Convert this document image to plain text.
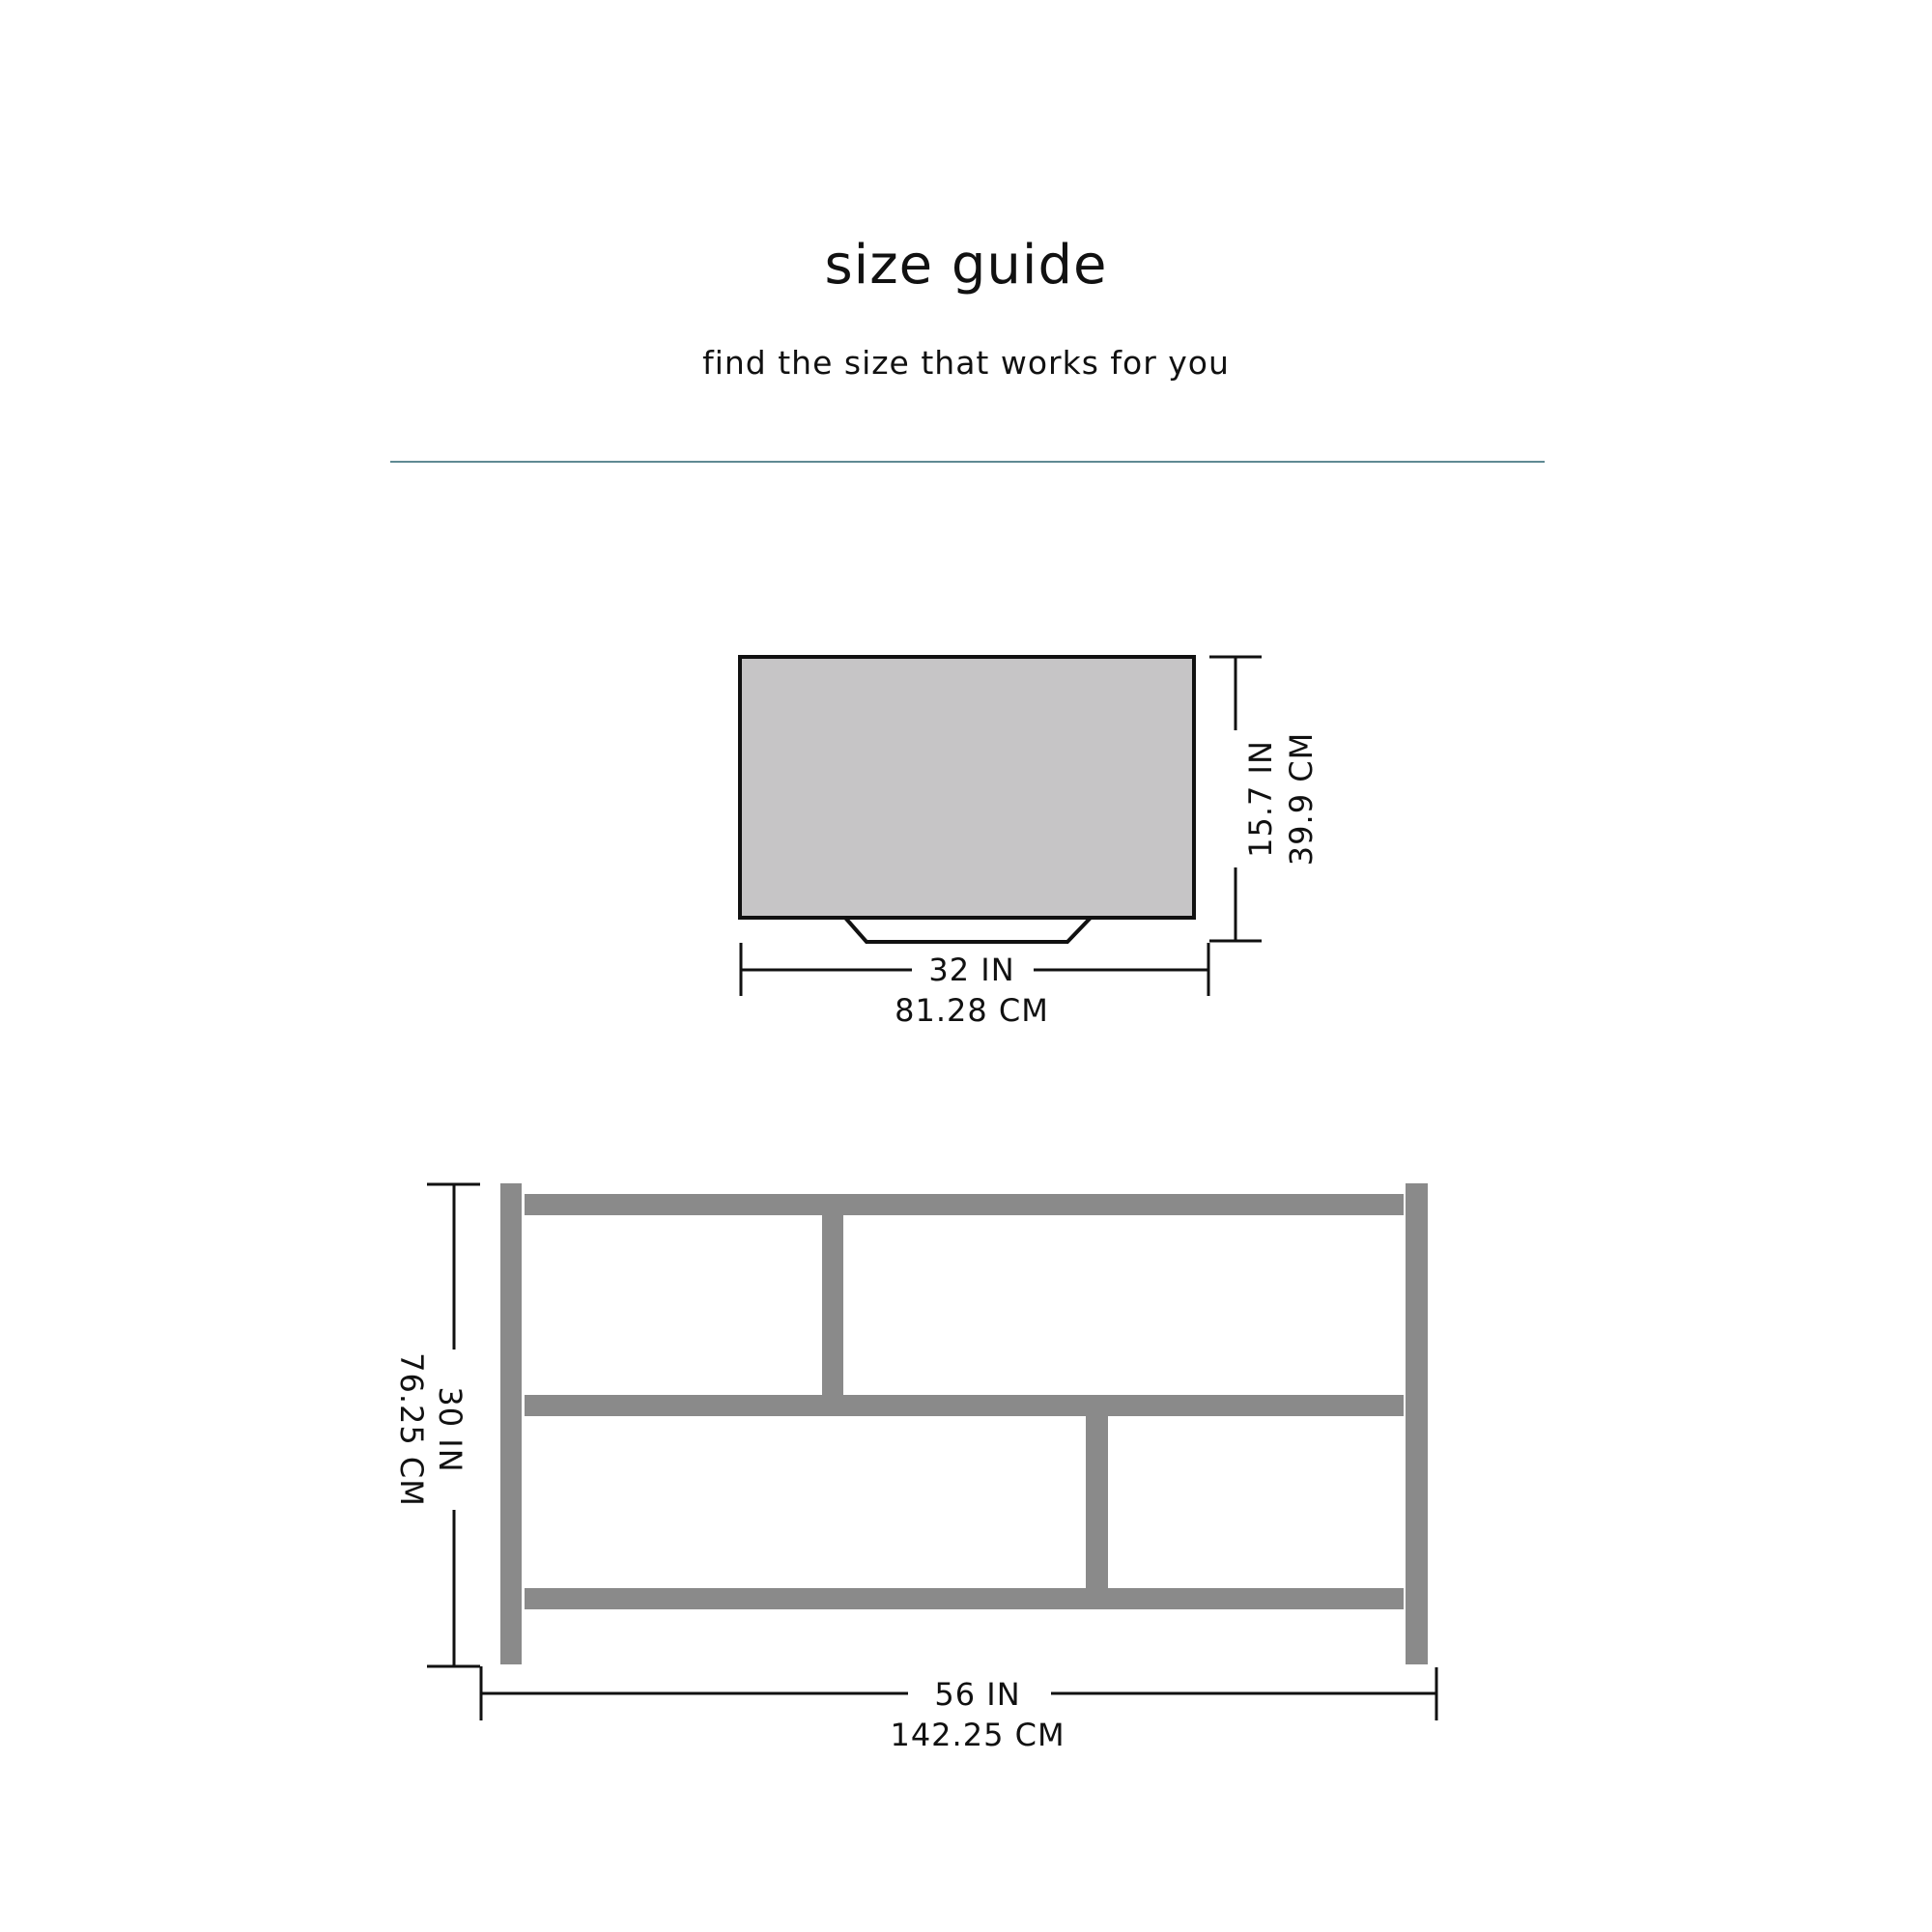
size guide

find the size that works for you

15.7 IN 39.9 CM
32 IN
81.28 CM
30 IN
76.25 CM
56 IN
142.25 CM
